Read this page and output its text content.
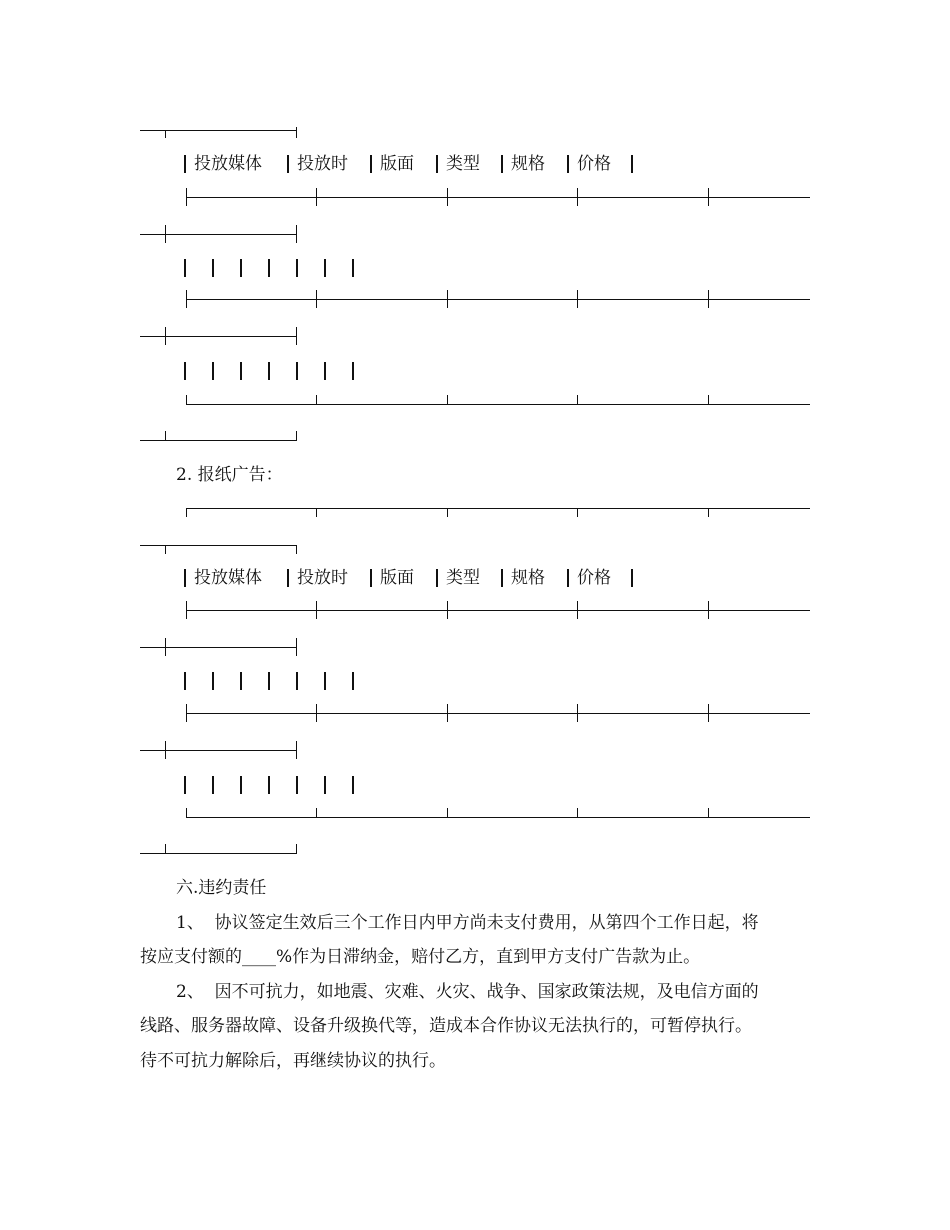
投放媒体 投放时 版面 类型 规格 价格
2. 报纸广告：
投放媒体 投放时 版面 类型 规格 价格
六.违约责任
1、  协议签定生效后三个工作日内甲方尚未支付费用，从第四个工作日起，将
按应支付额的____%作为日滞纳金，赔付乙方，直到甲方支付广告款为止。
2、  因不可抗力，如地震、灾难、火灾、战争、国家政策法规，及电信方面的
线路、服务器故障、设备升级换代等，造成本合作协议无法执行的，可暂停执行。
待不可抗力解除后，再继续协议的执行。
